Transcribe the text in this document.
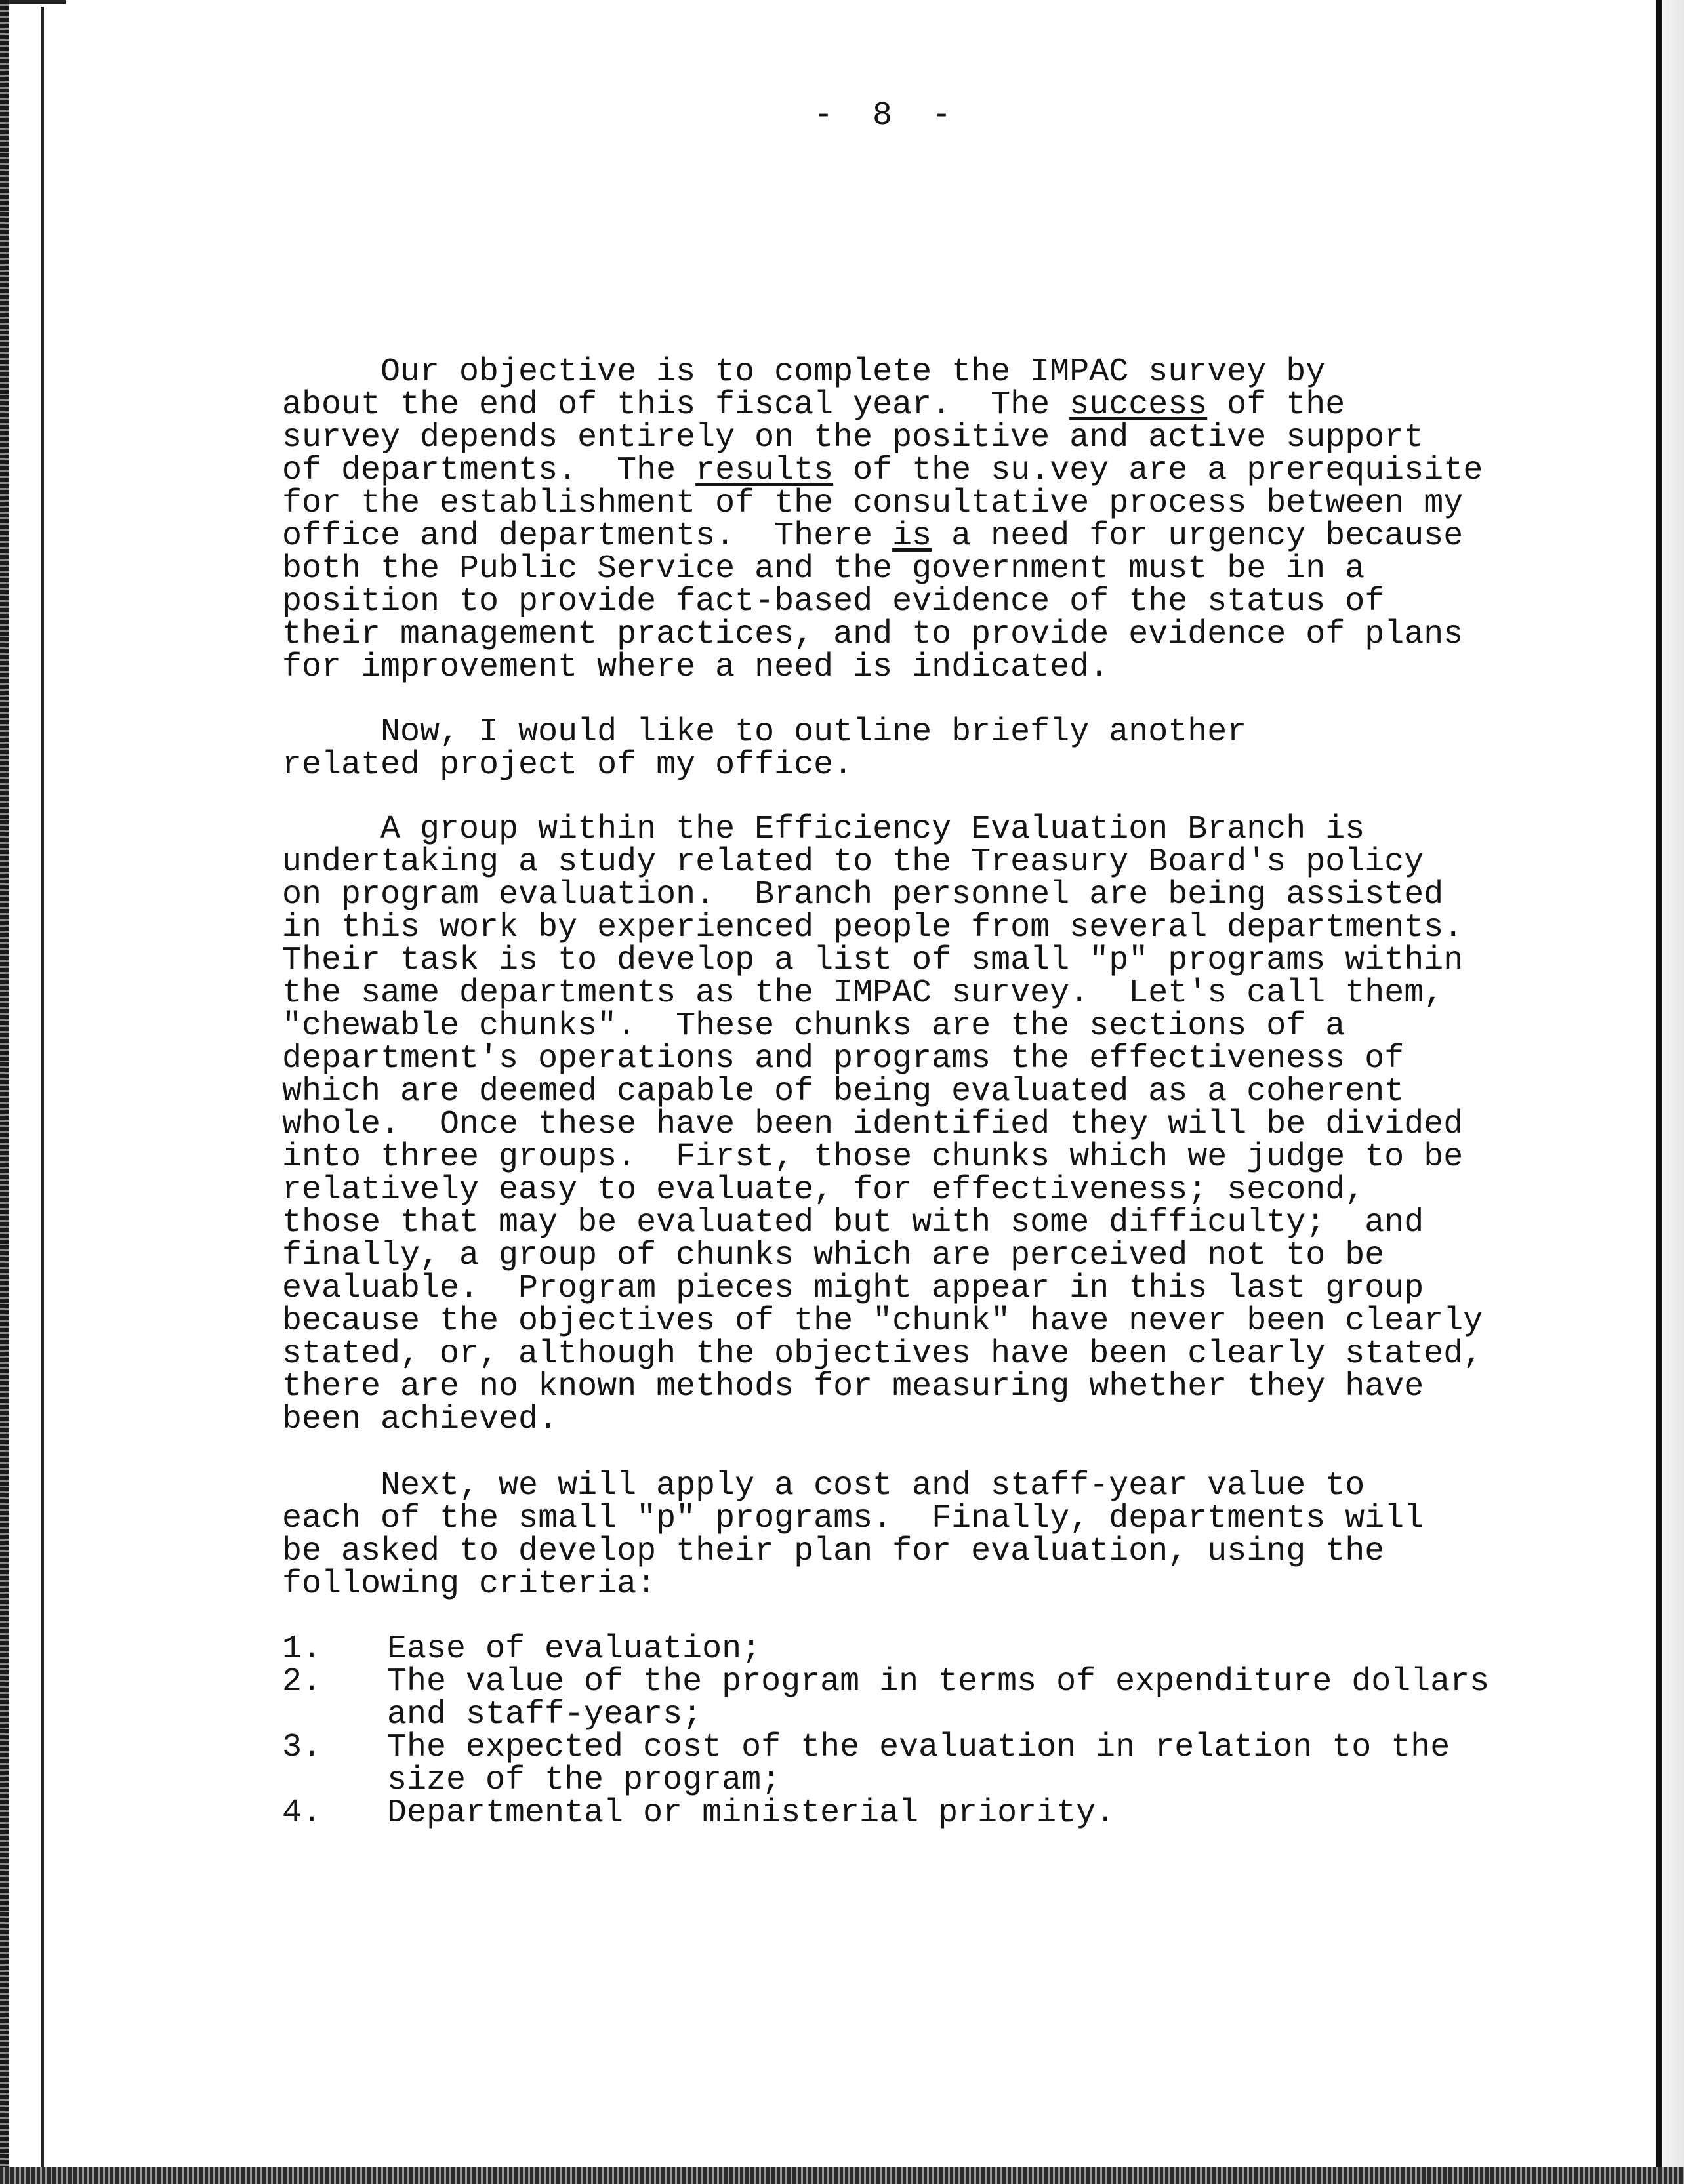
-  8  -
Our objective is to complete the IMPAC survey by
about the end of this fiscal year.  The success of the
survey depends entirely on the positive and active support
of departments.  The results of the su.vey are a prerequisite
for the establishment of the consultative process between my
office and departments.  There is a need for urgency because
both the Public Service and the government must be in a
position to provide fact-based evidence of the status of
their management practices, and to provide evidence of plans
for improvement where a need is indicated.
Now, I would like to outline briefly another
related project of my office.
A group within the Efficiency Evaluation Branch is
undertaking a study related to the Treasury Board's policy
on program evaluation.  Branch personnel are being assisted
in this work by experienced people from several departments.
Their task is to develop a list of small "p" programs within
the same departments as the IMPAC survey.  Let's call them,
"chewable chunks".  These chunks are the sections of a
department's operations and programs the effectiveness of
which are deemed capable of being evaluated as a coherent
whole.  Once these have been identified they will be divided
into three groups.  First, those chunks which we judge to be
relatively easy to evaluate, for effectiveness; second,
those that may be evaluated but with some difficulty;  and
finally, a group of chunks which are perceived not to be
evaluable.  Program pieces might appear in this last group
because the objectives of the "chunk" have never been clearly
stated, or, although the objectives have been clearly stated,
there are no known methods for measuring whether they have
been achieved.
Next, we will apply a cost and staff-year value to
each of the small "p" programs.  Finally, departments will
be asked to develop their plan for evaluation, using the
following criteria:
1.	Ease of evaluation;
2.	The value of the program in terms of expenditure dollars
and staff-years;
3.	The expected cost of the evaluation in relation to the
size of the program;
4.	Departmental or ministerial priority.
